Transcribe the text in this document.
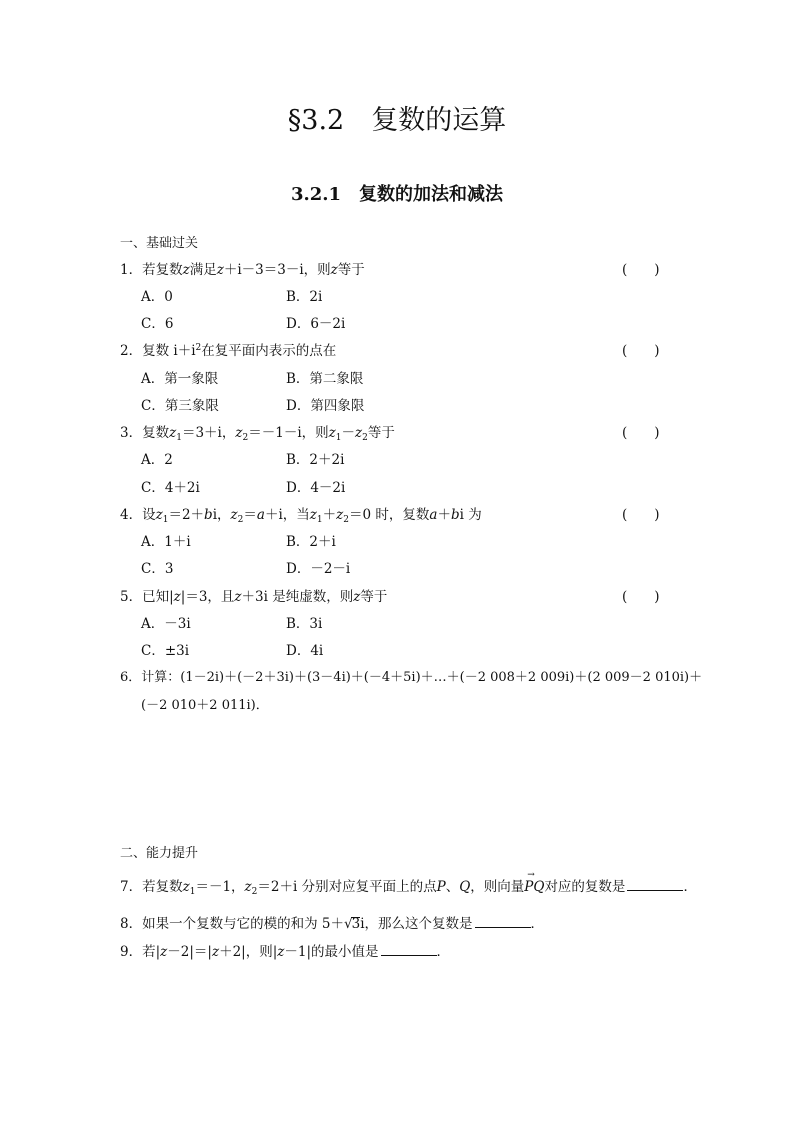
§3.2　复数的运算
3.2.1　复数的加法和减法
一、基础过关
1．若复数z满足z＋i－3＝3－i，则z等于	(　　)
A．0	B．2i
C．6	D．6－2i
2．复数 $i+i^2$在复平面内表示的点在	(　　)
A．第一象限	B．第二象限
C．第三象限	D．第四象限
3．复数$z_1=3+i$，$z_2=-1-i$，则$z_1-z_2$等于	(　　)
A．2	B．2＋2i
C．4＋2i	D．4－2i
4．设$z_1=2+bi$，$z_2=a+i$，当$z_1+z_2=0$ 时，复数a＋bi 为	(　　)
A．1＋i	B．2＋i
C．3	D．－2－i
5．已知|z|＝3，且z＋3i 是纯虚数，则z等于	(　　)
A．－3i	B．3i
C．±3i	D．4i
6．计算：(1－2i)＋(－2＋3i)＋(3－4i)＋(－4＋5i)＋…＋(－2 008＋2 009i)＋(2 009－2 010i)＋
(－2 010＋2 011i)．
二、能力提升
7．若复数$z_1=-1$，$z_2=2+i$ 分别对应复平面上的点P、Q，则向量→ PQ对应的复数是	．
8．如果一个复数与它的模的和为 5＋√3i，那么这个复数是	．
9．若|z－2|＝|z＋2|，则|z－1|的最小值是	．
